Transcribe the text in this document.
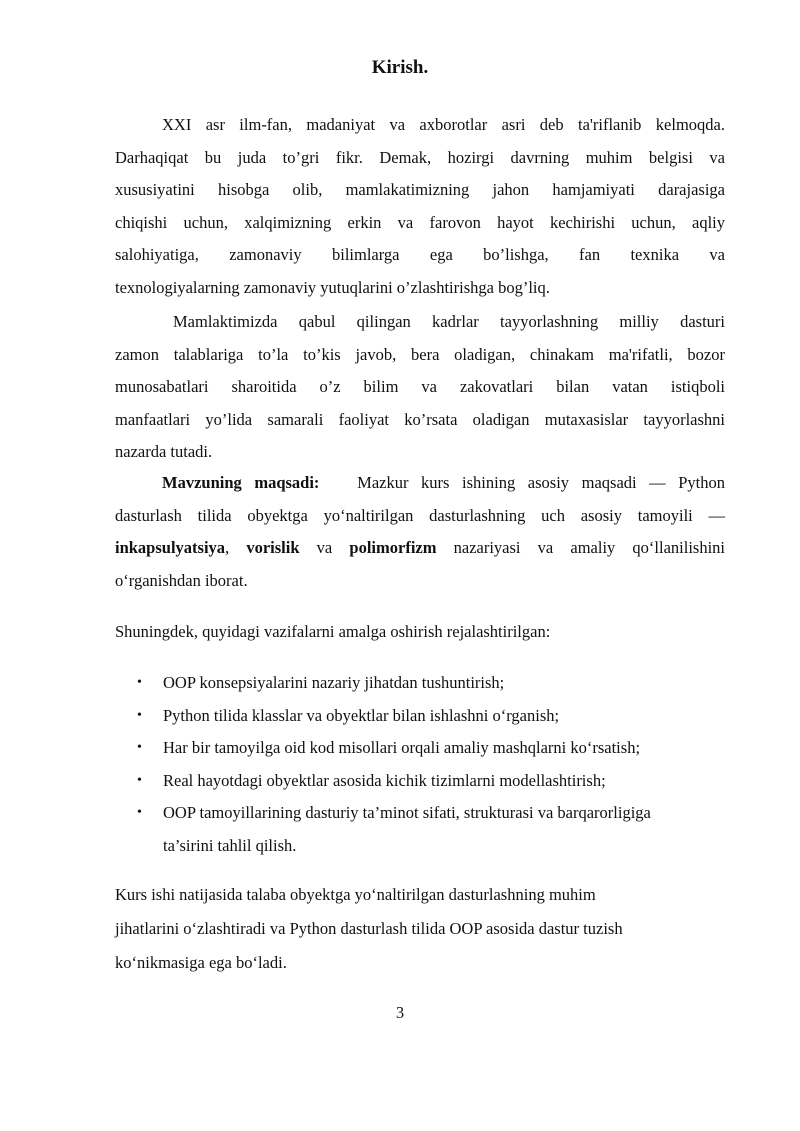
Kirish.
XXI asr ilm-fan, madaniyat va axborotlar asri deb ta'riflanib kelmoqda.
Darhaqiqat bu juda to’gri fikr. Demak, hozirgi davrning muhim belgisi va
xususiyatini hisobga olib, mamlakatimizning jahon hamjamiyati darajasiga
chiqishi uchun, xalqimizning erkin va farovon hayot kechirishi uchun, aqliy
salohiyatiga, zamonaviy bilimlarga ega bo’lishga, fan texnika va
texnologiyalarning zamonaviy yutuqlarini o’zlashtirishga bog’liq.
Mamlaktimizda qabul qilingan kadrlar tayyorlashning milliy dasturi
zamon talablariga to’la to’kis javob, bera oladigan, chinakam ma'rifatli, bozor
munosabatlari sharoitida o’z bilim va zakovatlari bilan vatan istiqboli
manfaatlari yo’lida samarali faoliyat ko’rsata oladigan mutaxasislar tayyorlashni
nazarda tutadi.
Mavzuning maqsadi: Mazkur kurs ishining asosiy maqsadi — Python
dasturlash tilida obyektga yo‘naltirilgan dasturlashning uch asosiy tamoyili —
inkapsulyatsiya, vorislik va polimorfizm nazariyasi va amaliy qo‘llanilishini
o‘rganishdan iborat.
Shuningdek, quyidagi vazifalarni amalga oshirish rejalashtirilgan:
• OOP konsepsiyalarini nazariy jihatdan tushuntirish;
• Python tilida klasslar va obyektlar bilan ishlashni o‘rganish;
• Har bir tamoyilga oid kod misollari orqali amaliy mashqlarni ko‘rsatish;
• Real hayotdagi obyektlar asosida kichik tizimlarni modellashtirish;
• OOP tamoyillarining dasturiy ta’minot sifati, strukturasi va barqarorligiga
ta’sirini tahlil qilish.
Kurs ishi natijasida talaba obyektga yo‘naltirilgan dasturlashning muhim
jihatlarini o‘zlashtiradi va Python dasturlash tilida OOP asosida dastur tuzish
ko‘nikmasiga ega bo‘ladi.
3
